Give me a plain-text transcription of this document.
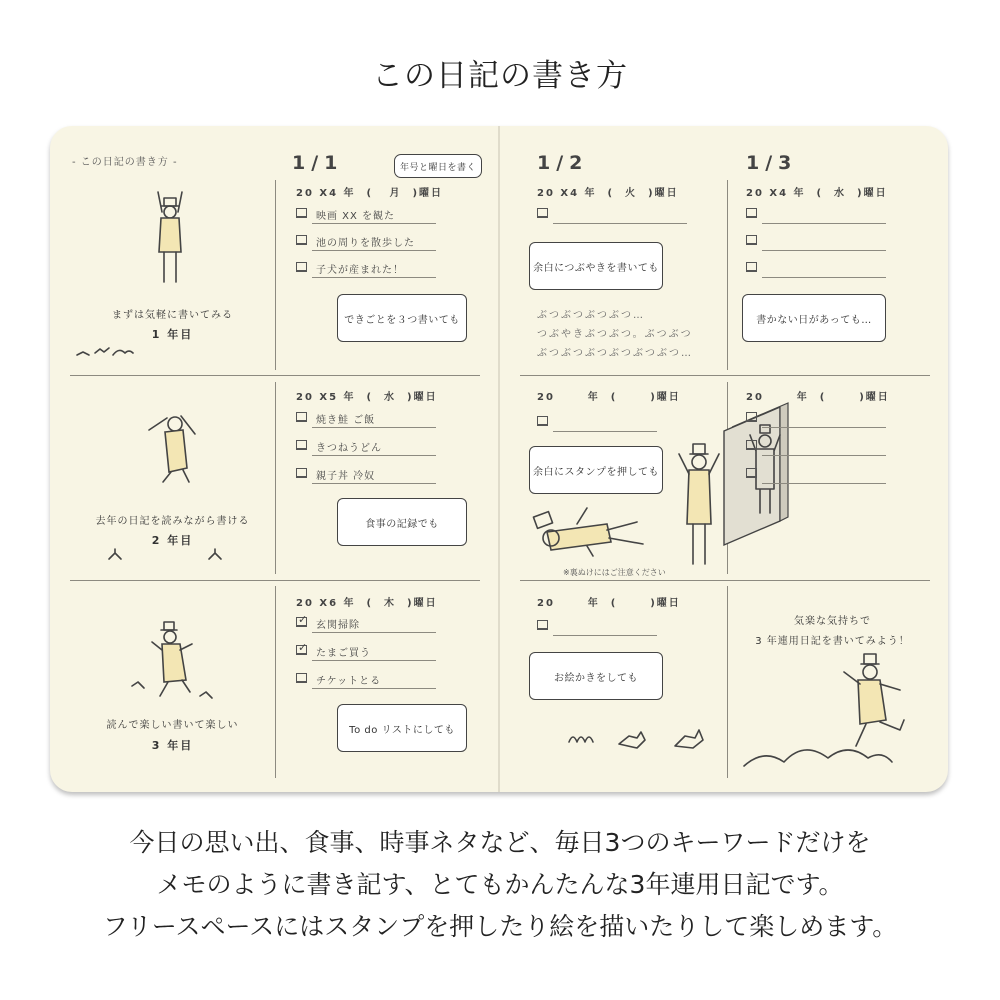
この日記の書き方
- この日記の書き方 -
まずは気軽に書いてみる
1 年目
去年の日記を読みながら書ける
2 年目
読んで楽しい書いて楽しい
3 年目
1/1	年号と曜日を書く
20 X4 年  (   月  )曜日
映画 XX を観た
池の周りを散歩した
子犬が産まれた！
できごとを３つ書いても
20 X5 年  (  水  )曜日
焼き鮭 ご飯
きつねうどん
親子丼 冷奴
食事の記録でも
20 X6 年  (  木  )曜日
✓ 玄関掃除
✓ たまご買う
チケットとる
To do リストにしても
1/2
20 X4 年  (  火  )曜日
余白につぶやきを書いても
ぶつぶつぶつぶつ…
つぶやきぶつぶつ。ぶつぶつ
ぶつぶつぶつぶつぶつぶつ…
20      年  (      )曜日
余白にスタンプを押しても
※裏ぬけにはご注意ください
20      年  (      )曜日
お絵かきをしても
1/3
20 X4 年  (  水  )曜日
書かない日があっても…
20      年  (      )曜日
気楽な気持ちで
3 年連用日記を書いてみよう！
今日の思い出、食事、時事ネタなど、毎日3つのキーワードだけを
メモのように書き記す、とてもかんたんな3年連用日記です。
フリースペースにはスタンプを押したり絵を描いたりして楽しめます。
